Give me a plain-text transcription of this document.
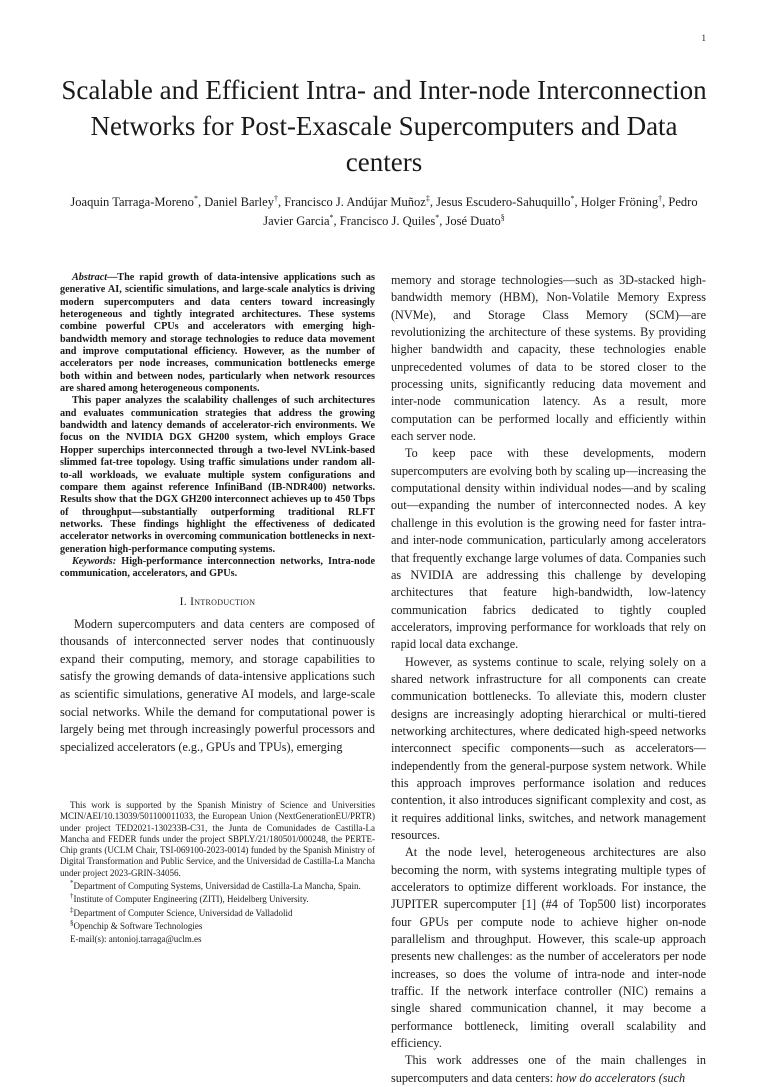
1
Scalable and Efficient Intra- and Inter-node Interconnection Networks for Post-Exascale Supercomputers and Data centers
Joaquin Tarraga-Moreno*, Daniel Barley†, Francisco J. Andújar Muñoz‡, Jesus Escudero-Sahuquillo*, Holger Fröning†, Pedro Javier Garcia*, Francisco J. Quiles*, José Duato§

Abstract—The rapid growth of data-intensive applications such as generative AI, scientific simulations, and large-scale analytics is driving modern supercomputers and data centers toward increasingly heterogeneous and tightly integrated architectures. These systems combine powerful CPUs and accelerators with emerging high-bandwidth memory and storage technologies to reduce data movement and improve computational efficiency. However, as the number of accelerators per node increases, communication bottlenecks emerge both within and between nodes, particularly when network resources are shared among heterogeneous components.

This paper analyzes the scalability challenges of such architectures and evaluates communication strategies that address the growing bandwidth and latency demands of accelerator-rich environments. We focus on the NVIDIA DGX GH200 system, which employs Grace Hopper superchips interconnected through a two-level NVLink-based slimmed fat-tree topology. Using traffic simulations under random all-to-all workloads, we evaluate multiple system configurations and compare them against reference InfiniBand (IB-NDR400) networks. Results show that the DGX GH200 interconnect achieves up to 450 Tbps of throughput—substantially outperforming traditional RLFT networks. These findings highlight the effectiveness of dedicated accelerator networks in overcoming communication bottlenecks in next-generation high-performance computing systems.

Keywords: High-performance interconnection networks, Intra-node communication, accelerators, and GPUs.

I. Introduction

Modern supercomputers and data centers are composed of thousands of interconnected server nodes that continuously expand their computing, memory, and storage capabilities to satisfy the growing demands of data-intensive applications such as scientific simulations, generative AI models, and large-scale social networks. While the demand for computational power is largely being met through increasingly powerful processors and specialized accelerators (e.g., GPUs and TPUs), emerging

This work is supported by the Spanish Ministry of Science and Universities MCIN/AEI/10.13039/501100011033, the European Union (NextGenerationEU/PRTR) under project TED2021-130233B-C31, the Junta de Comunidades de Castilla-La Mancha and FEDER funds under the project SBPLY/21/180501/000248, the PERTE-Chip grants (UCLM Chair, TSI-069100-2023-0014) funded by the Spanish Ministry of Digital Transformation and Public Service, and the Universidad de Castilla-La Mancha under project 2023-GRIN-34056.

*Department of Computing Systems, Universidad de Castilla-La Mancha, Spain.

†Institute of Computer Engineering (ZITI), Heidelberg University.

‡Department of Computer Science, Universidad de Valladolid

§Openchip & Software Technologies

E-mail(s): antonioj.tarraga@uclm.es

memory and storage technologies—such as 3D-stacked high-bandwidth memory (HBM), Non-Volatile Memory Express (NVMe), and Storage Class Memory (SCM)—are revolutionizing the architecture of these systems. By providing higher bandwidth and capacity, these technologies enable unprecedented volumes of data to be stored closer to the processing units, significantly reducing data movement and inter-node communication latency. As a result, more computation can be performed locally and efficiently within each server node.

To keep pace with these developments, modern supercomputers are evolving both by scaling up—increasing the computational density within individual nodes—and by scaling out—expanding the number of interconnected nodes. A key challenge in this evolution is the growing need for faster intra- and inter-node communication, particularly among accelerators that frequently exchange large volumes of data. Companies such as NVIDIA are addressing this challenge by developing architectures that feature high-bandwidth, low-latency communication fabrics dedicated to tightly coupled accelerators, improving performance for workloads that rely on rapid local data exchange.

However, as systems continue to scale, relying solely on a shared network infrastructure for all components can create communication bottlenecks. To alleviate this, modern cluster designs are increasingly adopting hierarchical or multi-tiered networking architectures, where dedicated high-speed networks interconnect specific components—such as accelerators—independently from the general-purpose system network. While this approach improves performance isolation and reduces contention, it also introduces significant complexity and cost, as it requires additional links, switches, and network management resources.

At the node level, heterogeneous architectures are also becoming the norm, with systems integrating multiple types of accelerators to optimize different workloads. For instance, the JUPITER supercomputer [1] (#4 of Top500 list) incorporates four GPUs per compute node to achieve higher on-node parallelism and throughput. However, this scale-up approach presents new challenges: as the number of accelerators per node increases, so does the volume of intra-node and inter-node traffic. If the network interface controller (NIC) remains a single shared communication channel, it may become a performance bottleneck, limiting overall scalability and efficiency.

This work addresses one of the main challenges in supercomputers and data centers: how do accelerators (such
